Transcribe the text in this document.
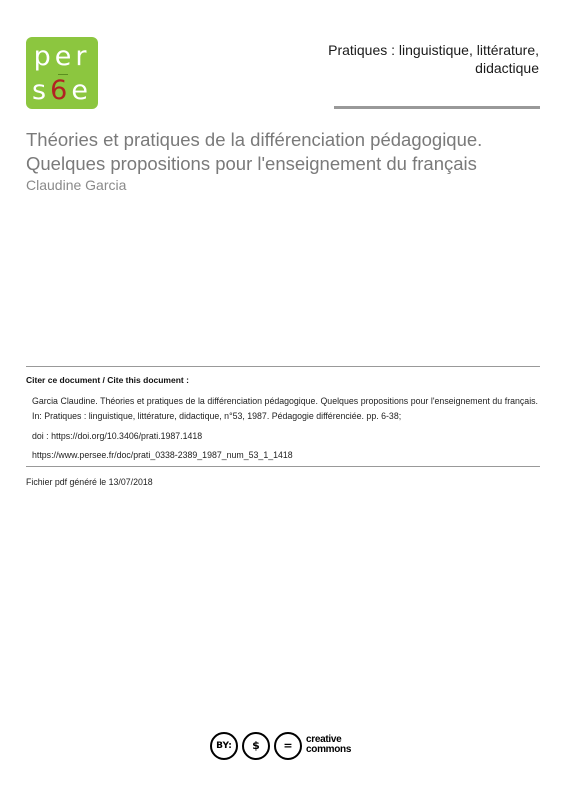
per
s6e
Pratiques : linguistique, littérature,
didactique
Théories et pratiques de la différenciation pédagogique. Quelques propositions pour l'enseignement du français
Claudine Garcia
Citer ce document / Cite this document :
Garcia Claudine. Théories et pratiques de la différenciation pédagogique. Quelques propositions pour l'enseignement du français. In: Pratiques : linguistique, littérature, didactique, n°53, 1987. Pédagogie différenciée. pp. 6-38;
doi : https://doi.org/10.3406/prati.1987.1418
https://www.persee.fr/doc/prati_0338-2389_1987_num_53_1_1418
Fichier pdf généré le 13/07/2018
BY:	$	=	creative
commons
